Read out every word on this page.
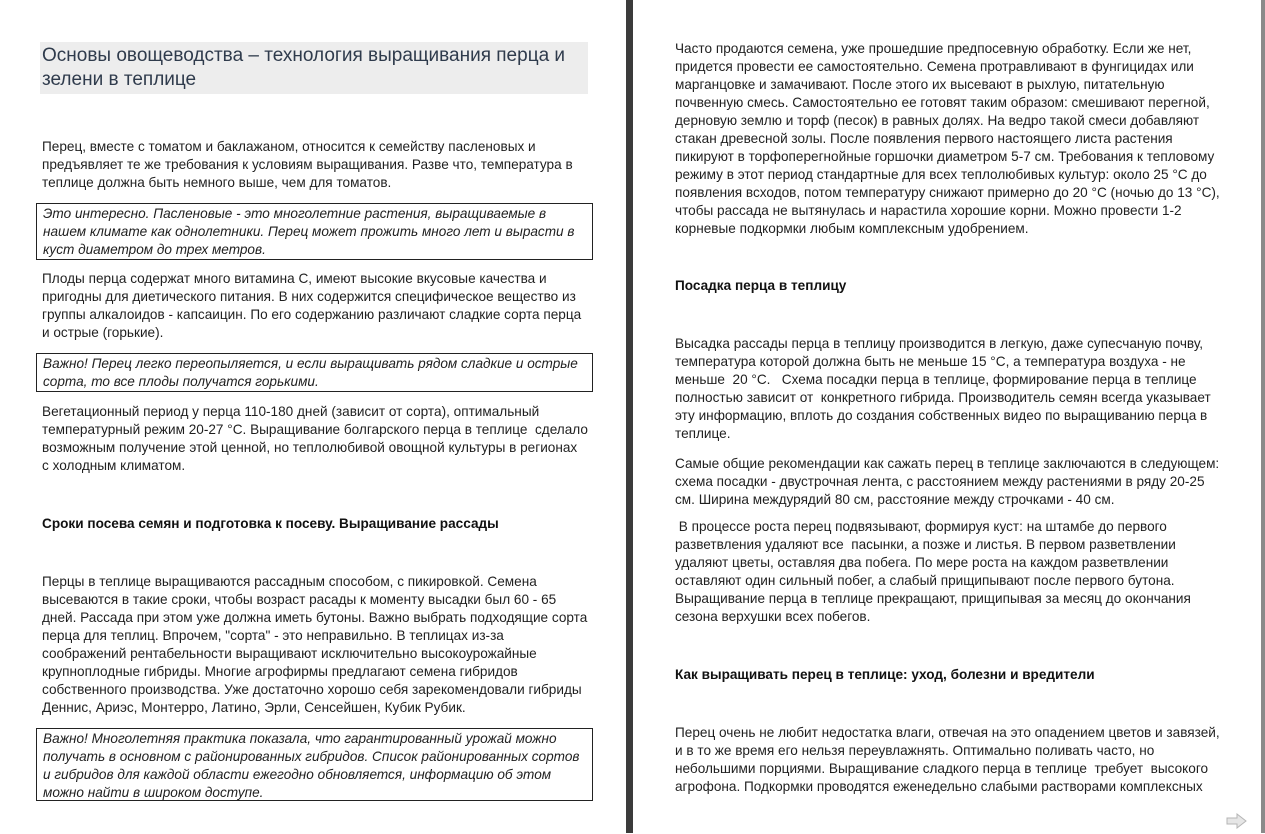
Основы овощеводства – технология выращивания перца и зелени в теплице
Перец, вместе с томатом и баклажаном, относится к семейству пасленовых и
предъявляет те же требования к условиям выращивания. Разве что, температура в
теплице должна быть немного выше, чем для томатов.
Это интересно. Пасленовые - это многолетние растения, выращиваемые в нашем климате как однолетники. Перец может прожить много лет и вырасти в куст диаметром до трех метров.
Плоды перца содержат много витамина С, имеют высокие вкусовые качества и
пригодны для диетического питания. В них содержится специфическое вещество из
группы алкалоидов - капсаицин. По его содержанию различают сладкие сорта перца
и острые (горькие).
Важно! Перец легко переопыляется, и если выращивать рядом сладкие и острые сорта, то все плоды получатся горькими.
Вегетационный период у перца 110-180 дней (зависит от сорта), оптимальный
температурный режим 20-27 °C. Выращивание болгарского перца в теплице  сделало
возможным получение этой ценной, но теплолюбивой овощной культуры в регионах
с холодным климатом.
Сроки посева семян и подготовка к посеву. Выращивание рассады
Перцы в теплице выращиваются рассадным способом, с пикировкой. Семена
высеваются в такие сроки, чтобы возраст расады к моменту высадки был 60 - 65
дней. Рассада при этом уже должна иметь бутоны. Важно выбрать подходящие сорта
перца для теплиц. Впрочем, "сорта" - это неправильно. В теплицах из-за
соображений рентабельности выращивают исключительно высокоурожайные
крупноплодные гибриды. Многие агрофирмы предлагают семена гибридов
собственного производства. Уже достаточно хорошо себя зарекомендовали гибриды
Деннис, Ариэс, Монтерро, Латино, Эрли, Сенсейшен, Кубик Рубик.
Важно! Многолетняя практика показала, что гарантированный урожай можно получать в основном с районированных гибридов. Список районированных сортов и гибридов для каждой области ежегодно обновляется, информацию об этом можно найти в широком доступе.
Часто продаются семена, уже прошедшие предпосевную обработку. Если же нет,
придется провести ее самостоятельно. Семена протравливают в фунгицидах или
марганцовке и замачивают. После этого их высевают в рыхлую, питательную
почвенную смесь. Самостоятельно ее готовят таким образом: смешивают перегной,
дерновую землю и торф (песок) в равных долях. На ведро такой смеси добавляют
стакан древесной золы. После появления первого настоящего листа растения
пикируют в торфоперегнойные горшочки диаметром 5-7 см. Требования к тепловому
режиму в этот период стандартные для всех теплолюбивых культур: около 25 °C до
появления всходов, потом температуру снижают примерно до 20 °C (ночью до 13 °C),
чтобы рассада не вытянулась и нарастила хорошие корни. Можно провести 1-2
корневые подкормки любым комплексным удобрением.
Посадка перца в теплицу
Высадка рассады перца в теплицу производится в легкую, даже супесчаную почву,
температура которой должна быть не меньше 15 °C, а температура воздуха - не
меньше  20 °C.   Схема посадки перца в теплице, формирование перца в теплице
полностью зависит от  конкретного гибрида. Производитель семян всегда указывает
эту информацию, вплоть до создания собственных видео по выращиванию перца в
теплице.
Самые общие рекомендации как сажать перец в теплице заключаются в следующем:
схема посадки - двустрочная лента, с расстоянием между растениями в ряду 20-25
см. Ширина междурядий 80 см, расстояние между строчками - 40 см.
В процессе роста перец подвязывают, формируя куст: на штамбе до первого
разветвления удаляют все  пасынки, а позже и листья. В первом разветвлении
удаляют цветы, оставляя два побега. По мере роста на каждом разветвлении
оставляют один сильный побег, а слабый прищипывают после первого бутона.
Выращивание перца в теплице прекращают, прищипывая за месяц до окончания
сезона верхушки всех побегов.
Как выращивать перец в теплице: уход, болезни и вредители
Перец очень не любит недостатка влаги, отвечая на это опадением цветов и завязей,
и в то же время его нельзя переувлажнять. Оптимально поливать часто, но
небольшими порциями. Выращивание сладкого перца в теплице  требует  высокого
агрофона. Подкормки проводятся еженедельно слабыми растворами комплексных
